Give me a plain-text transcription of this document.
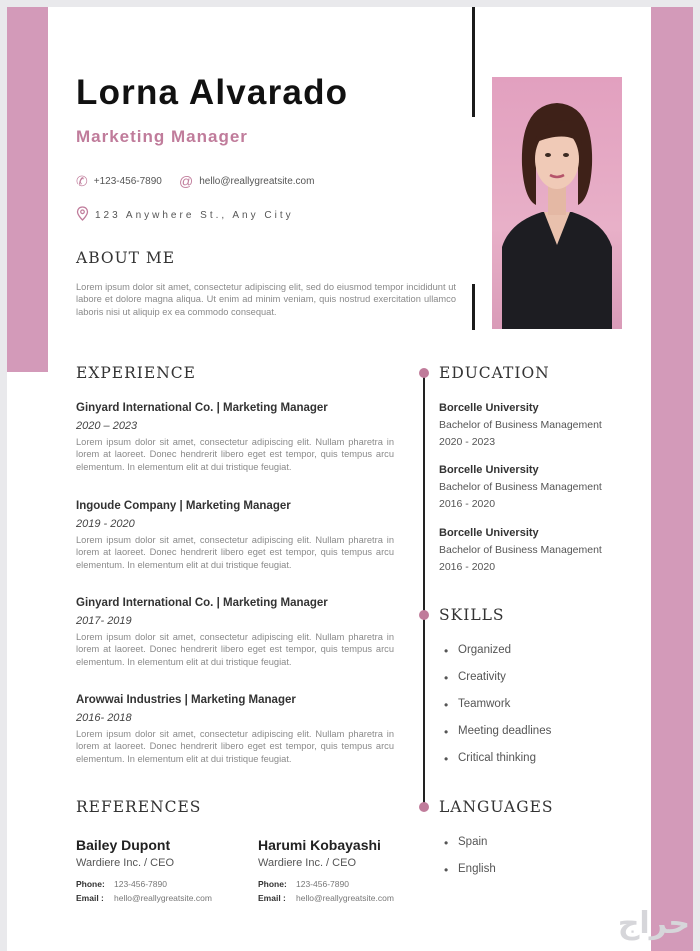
Lorna Alvarado
Marketing Manager
✆ +123-456-7890 @ hello@reallygreatsite.com
123 Anywhere St., Any City
ABOUT ME
Lorem ipsum dolor sit amet, consectetur adipiscing elit, sed do eiusmod tempor incididunt ut labore et dolore magna aliqua. Ut enim ad minim veniam, quis nostrud exercitation ullamco laboris nisi ut aliquip ex ea commodo consequat.
EXPERIENCE
Ginyard International Co. | Marketing Manager
2020 – 2023
Lorem ipsum dolor sit amet, consectetur adipiscing elit. Nullam pharetra in lorem at laoreet. Donec hendrerit libero eget est tempor, quis tempus arcu elementum. In elementum elit at dui tristique feugiat.
Ingoude Company | Marketing Manager
2019 - 2020
Lorem ipsum dolor sit amet, consectetur adipiscing elit. Nullam pharetra in lorem at laoreet. Donec hendrerit libero eget est tempor, quis tempus arcu elementum. In elementum elit at dui tristique feugiat.
Ginyard International Co. | Marketing Manager
2017- 2019
Lorem ipsum dolor sit amet, consectetur adipiscing elit. Nullam pharetra in lorem at laoreet. Donec hendrerit libero eget est tempor, quis tempus arcu elementum. In elementum elit at dui tristique feugiat.
Arowwai Industries | Marketing Manager
2016- 2018
Lorem ipsum dolor sit amet, consectetur adipiscing elit. Nullam pharetra in lorem at laoreet. Donec hendrerit libero eget est tempor, quis tempus arcu elementum. In elementum elit at dui tristique feugiat.
EDUCATION
Borcelle University
Bachelor of Business Management
2020 - 2023
Borcelle University
Bachelor of Business Management
2016 - 2020
Borcelle University
Bachelor of Business Management
2016 - 2020
SKILLS
• Organized
• Creativity
• Teamwork
• Meeting deadlines
• Critical thinking
REFERENCES
Bailey Dupont
Wardiere Inc. / CEO
Phone: 123-456-7890
Email : hello@reallygreatsite.com
Harumi Kobayashi
Wardiere Inc. / CEO
Phone: 123-456-7890
Email : hello@reallygreatsite.com
LANGUAGES
• Spain
• English
حراج
